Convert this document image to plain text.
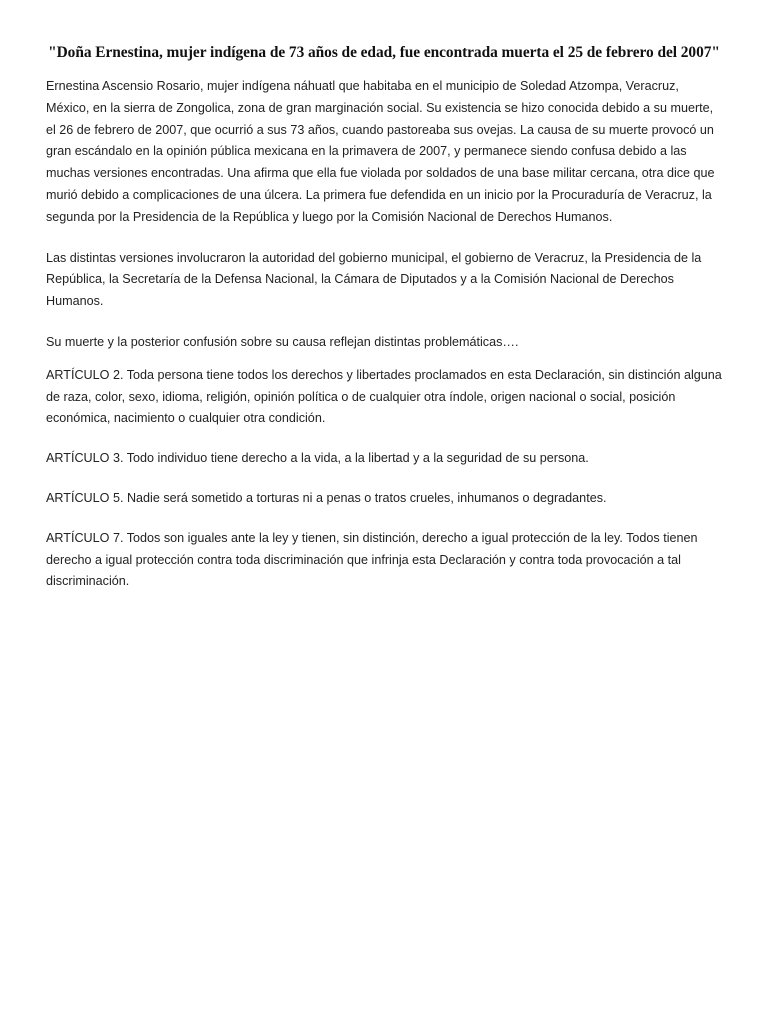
"Doña Ernestina, mujer indígena de 73 años de edad, fue encontrada muerta el 25 de febrero del 2007"

Ernestina Ascensio Rosario, mujer indígena náhuatl que habitaba en el municipio de Soledad Atzompa, Veracruz, México, en la sierra de Zongolica, zona de gran marginación social. Su existencia se hizo conocida debido a su muerte, el 26 de febrero de 2007, que ocurrió a sus 73 años, cuando pastoreaba sus ovejas. La causa de su muerte provocó un gran escándalo en la opinión pública mexicana en la primavera de 2007, y permanece siendo confusa debido a las muchas versiones encontradas. Una afirma que ella fue violada por soldados de una base militar cercana, otra dice que murió debido a complicaciones de una úlcera. La primera fue defendida en un inicio por la Procuraduría de Veracruz, la segunda por la Presidencia de la República y luego por la Comisión Nacional de Derechos Humanos.

Las distintas versiones involucraron la autoridad del gobierno municipal, el gobierno de Veracruz, la Presidencia de la República, la Secretaría de la Defensa Nacional, la Cámara de Diputados y a la Comisión Nacional de Derechos Humanos.

Su muerte y la posterior confusión sobre su causa reflejan distintas problemáticas….

ARTÍCULO 2. Toda persona tiene todos los derechos y libertades proclamados en esta Declaración, sin distinción alguna de raza, color, sexo, idioma, religión, opinión política o de cualquier otra índole, origen nacional o social, posición económica, nacimiento o cualquier otra condición.

ARTÍCULO 3. Todo individuo tiene derecho a la vida, a la libertad y a la seguridad de su persona.

ARTÍCULO 5. Nadie será sometido a torturas ni a penas o tratos crueles, inhumanos o degradantes.

ARTÍCULO 7. Todos son iguales ante la ley y tienen, sin distinción, derecho a igual protección de la ley. Todos tienen derecho a igual protección contra toda discriminación que infrinja esta Declaración y contra toda provocación a tal discriminación.
